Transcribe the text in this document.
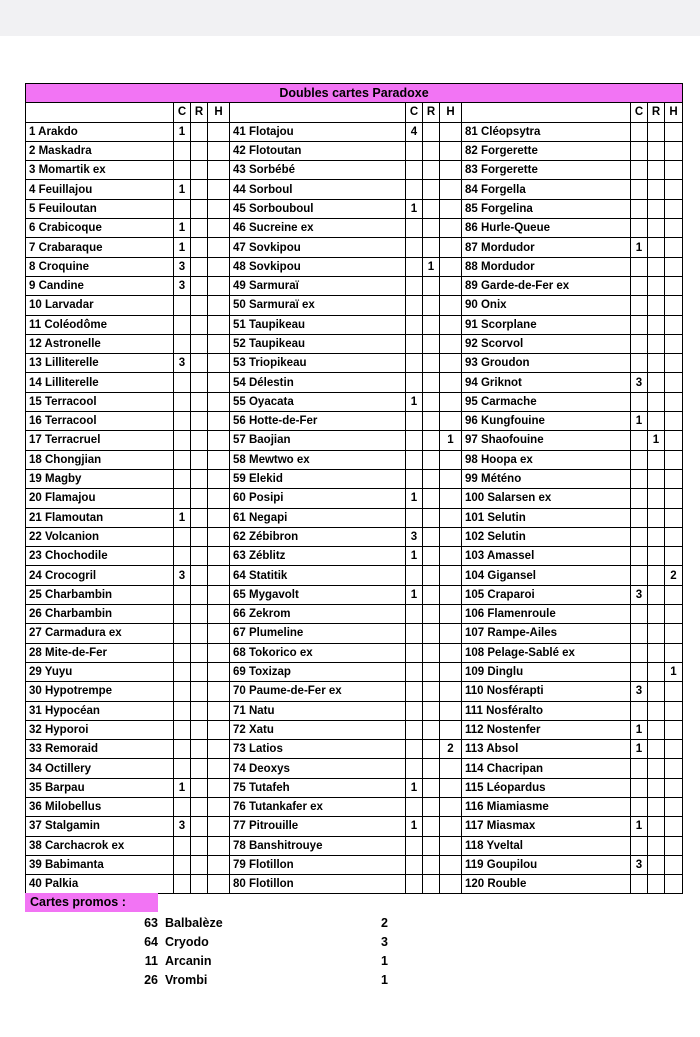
Doubles cartes Paradoxe											
	C	R	H		C	R	H		C	R	H
1 Arakdo	1			41 Flotajou	4			81 Cléopsytra			
2 Maskadra				42 Flotoutan				82 Forgerette			
3 Momartik ex				43 Sorbébé				83 Forgerette			
4 Feuillajou	1			44 Sorboul				84 Forgella			
5 Feuiloutan				45 Sorbouboul	1			85 Forgelina			
6 Crabicoque	1			46 Sucreine ex				86 Hurle-Queue			
7 Crabaraque	1			47 Sovkipou				87 Mordudor	1		
8 Croquine	3			48 Sovkipou		1		88 Mordudor			
9 Candine	3			49 Sarmuraï				89 Garde-de-Fer ex			
10 Larvadar				50 Sarmuraï ex				90 Onix			
11 Coléodôme				51 Taupikeau				91 Scorplane			
12 Astronelle				52 Taupikeau				92 Scorvol			
13 Lilliterelle	3			53 Triopikeau				93 Groudon			
14 Lilliterelle				54 Délestin				94 Griknot	3		
15 Terracool				55 Oyacata	1			95 Carmache			
16 Terracool				56 Hotte-de-Fer				96 Kungfouine	1		
17 Terracruel				57 Baojian			1	97 Shaofouine		1	
18 Chongjian				58 Mewtwo ex				98 Hoopa ex			
19 Magby				59 Elekid				99 Météno			
20 Flamajou				60 Posipi	1			100 Salarsen ex			
21 Flamoutan	1			61 Negapi				101 Selutin			
22 Volcanion				62 Zébibron	3			102 Selutin			
23 Chochodile				63 Zéblitz	1			103 Amassel			
24 Crocogril	3			64 Statitik				104 Gigansel			2
25 Charbambin				65 Mygavolt	1			105 Craparoi	3		
26 Charbambin				66 Zekrom				106 Flamenroule			
27 Carmadura ex				67 Plumeline				107 Rampe-Ailes			
28 Mite-de-Fer				68 Tokorico ex				108 Pelage-Sablé ex			
29 Yuyu				69 Toxizap				109 Dinglu			1
30 Hypotrempe				70 Paume-de-Fer ex				110 Nosférapti	3		
31 Hypocéan				71 Natu				111 Nosféralto			
32 Hyporoi				72 Xatu				112 Nostenfer	1		
33 Remoraid				73 Latios			2	113 Absol	1		
34 Octillery				74 Deoxys				114 Chacripan			
35 Barpau	1			75 Tutafeh	1			115 Léopardus			
36 Milobellus				76 Tutankafer ex				116 Miamiasme			
37 Stalgamin	3			77 Pitrouille	1			117 Miasmax	1		
38 Carchacrok ex				78 Banshitrouye				118 Yveltal			
39 Babimanta				79 Flotillon				119 Goupilou	3		
40 Palkia				80 Flotillon				120 Rouble			
Cartes promos :
63 Balbalèze	2
64 Cryodo	3
11 Arcanin	1
26 Vrombi	1
